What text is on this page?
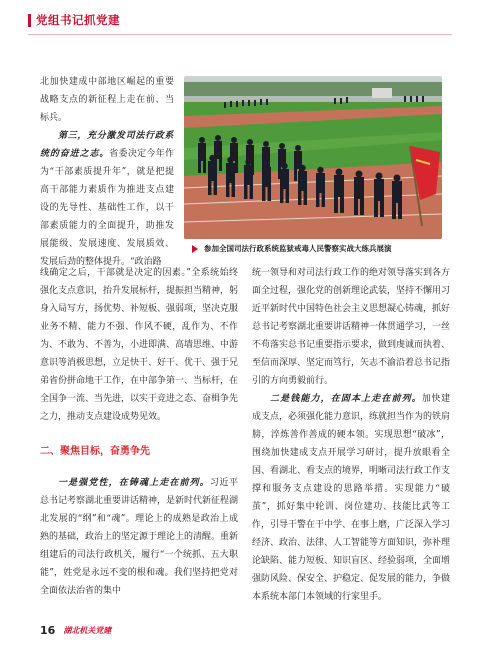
党组书记抓党建

北加快建成中部地区崛起的重要战略支点的新征程上走在前、当标兵。

第三，充分激发司法行政系统的奋进之志。省委决定今年作为“干部素质提升年”，就是把提高干部能力素质作为推进支点建设的先导性、基础性工作，以干部素质能力的全面提升，助推发展能级、发展速度、发展质效、发展后劲的整体提升。“政治路

参加全国司法行政系统监狱戒毒人民警察实战大练兵展演

线确定之后，干部就是决定的因素。”全系统始终强化支点意识，抬升发展标杆，提振担当精神，躬身入局写方，扬优势、补短板、强弱项，坚决克服业务不精、能力不强、作风不硬，乱作为、不作为、不敢为、不善为，小进即满、高墙思维、中游意识等消极思想，立足快干、好干、优干、强于兄弟省份拼命地干工作，在中部争第一、当标杆，在全国争一流、当先进，以实干竞进之态、奋楫争先之力，推动支点建设成势见效。

二、聚焦目标，奋勇争先

一是强党性，在铸魂上走在前列。习近平总书记考察湖北重要讲话精神，是新时代新征程湖北发展的“纲”和“魂”。理论上的成熟是政治上成熟的基础，政治上的坚定源于理论上的清醒。重新组建后的司法行政机关，履行“一个统抓、五大职能”，姓党是永远不变的根和魂。我们坚持把党对全面依法治省的集中

统一领导和对司法行政工作的绝对领导落实到各方面全过程，强化党的创新理论武装，坚持不懈用习近平新时代中国特色社会主义思想凝心铸魂，抓好总书记考察湖北重要讲话精神一体贯通学习，一丝不苟落实总书记重要指示要求，做到虔诚而执着、至信而深厚、坚定而笃行，矢志不渝沿着总书记指引的方向勇毅前行。

二是钱能力，在固本上走在前列。加快建成支点，必须强化能力意识，练就担当作为的铁肩膀，淬炼善作善成的硬本领。实现思想“破冰”，围绕加快建成支点开展学习研讨，提升放眼看全国、看湖北、看支点的境界，明晰司法行政工作支撑和服务支点建设的思路举措。实现能力“破茧”，抓好集中轮训、岗位建功、技能比武等工作，引导干警在干中学、在事上磨，广泛深入学习经济、政治、法律、人工智能等方面知识，弥补理论缺陷、能力短板、知识盲区、经验弱项，全面增强防风险、保安全、护稳定、促发展的能力，争做本系统本部门本领域的行家里手。

16 湖北机关党建
